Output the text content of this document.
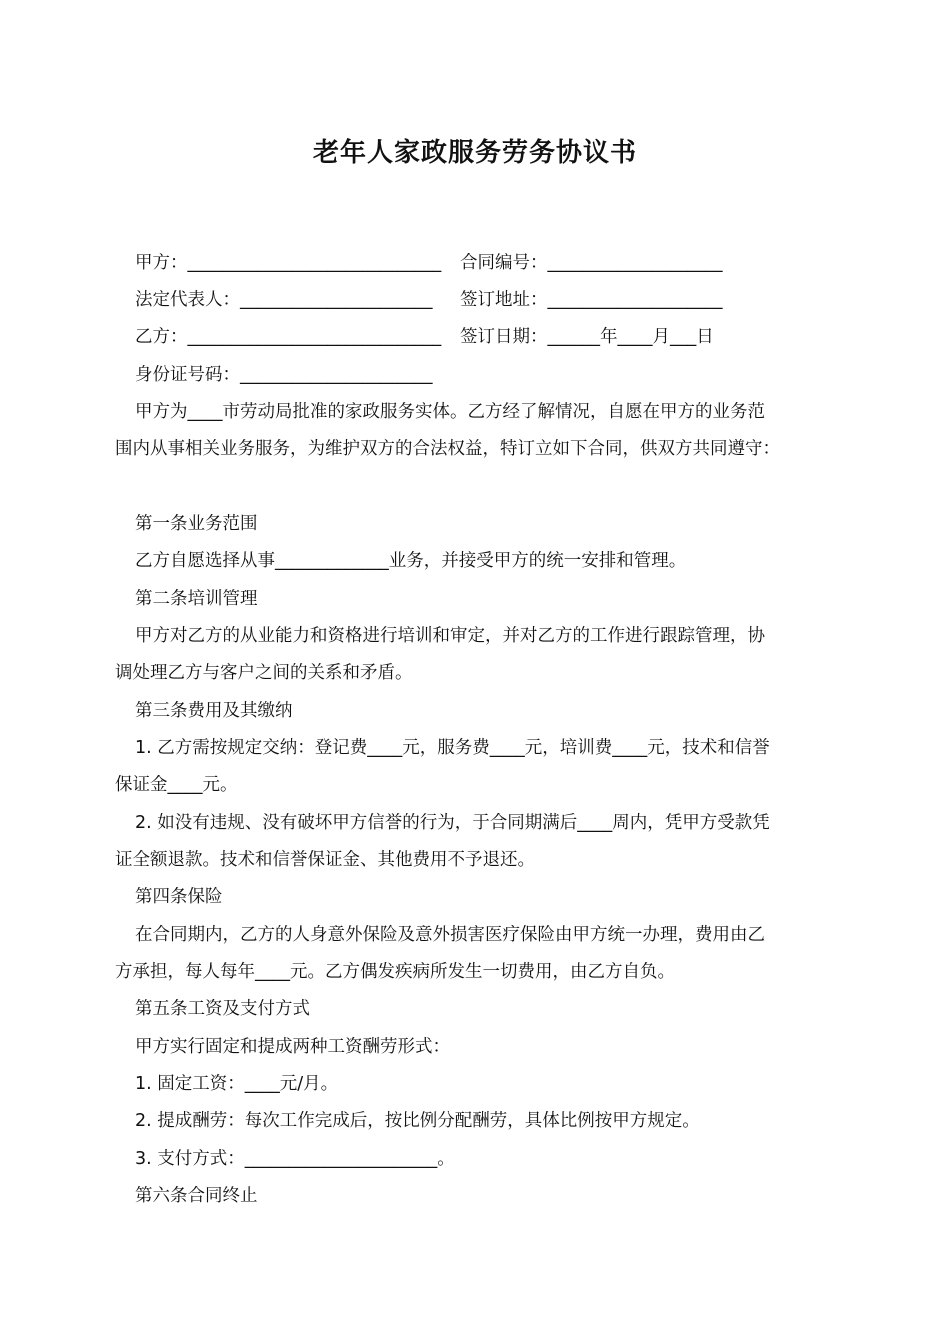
老年人家政服务劳务协议书
甲方：_____________________________ 合同编号：____________________
法定代表人：______________________ 签订地址：____________________
乙方：_____________________________ 签订日期：______年____月___日
身份证号码：______________________
甲方为____市劳动局批准的家政服务实体。乙方经了解情况，自愿在甲方的业务范
围内从事相关业务服务，为维护双方的合法权益，特订立如下合同，供双方共同遵守：
第一条业务范围
乙方自愿选择从事_____________业务，并接受甲方的统一安排和管理。
第二条培训管理
甲方对乙方的从业能力和资格进行培训和审定，并对乙方的工作进行跟踪管理，协
调处理乙方与客户之间的关系和矛盾。
第三条费用及其缴纳
1. 乙方需按规定交纳：登记费____元，服务费____元，培训费____元，技术和信誉
保证金____元。
2. 如没有违规、没有破坏甲方信誉的行为，于合同期满后____周内，凭甲方受款凭
证全额退款。技术和信誉保证金、其他费用不予退还。
第四条保险
在合同期内，乙方的人身意外保险及意外损害医疗保险由甲方统一办理，费用由乙
方承担，每人每年____元。乙方偶发疾病所发生一切费用，由乙方自负。
第五条工资及支付方式
甲方实行固定和提成两种工资酬劳形式：
1. 固定工资：____元/月。
2. 提成酬劳：每次工作完成后，按比例分配酬劳，具体比例按甲方规定。
3. 支付方式：______________________。
第六条合同终止
